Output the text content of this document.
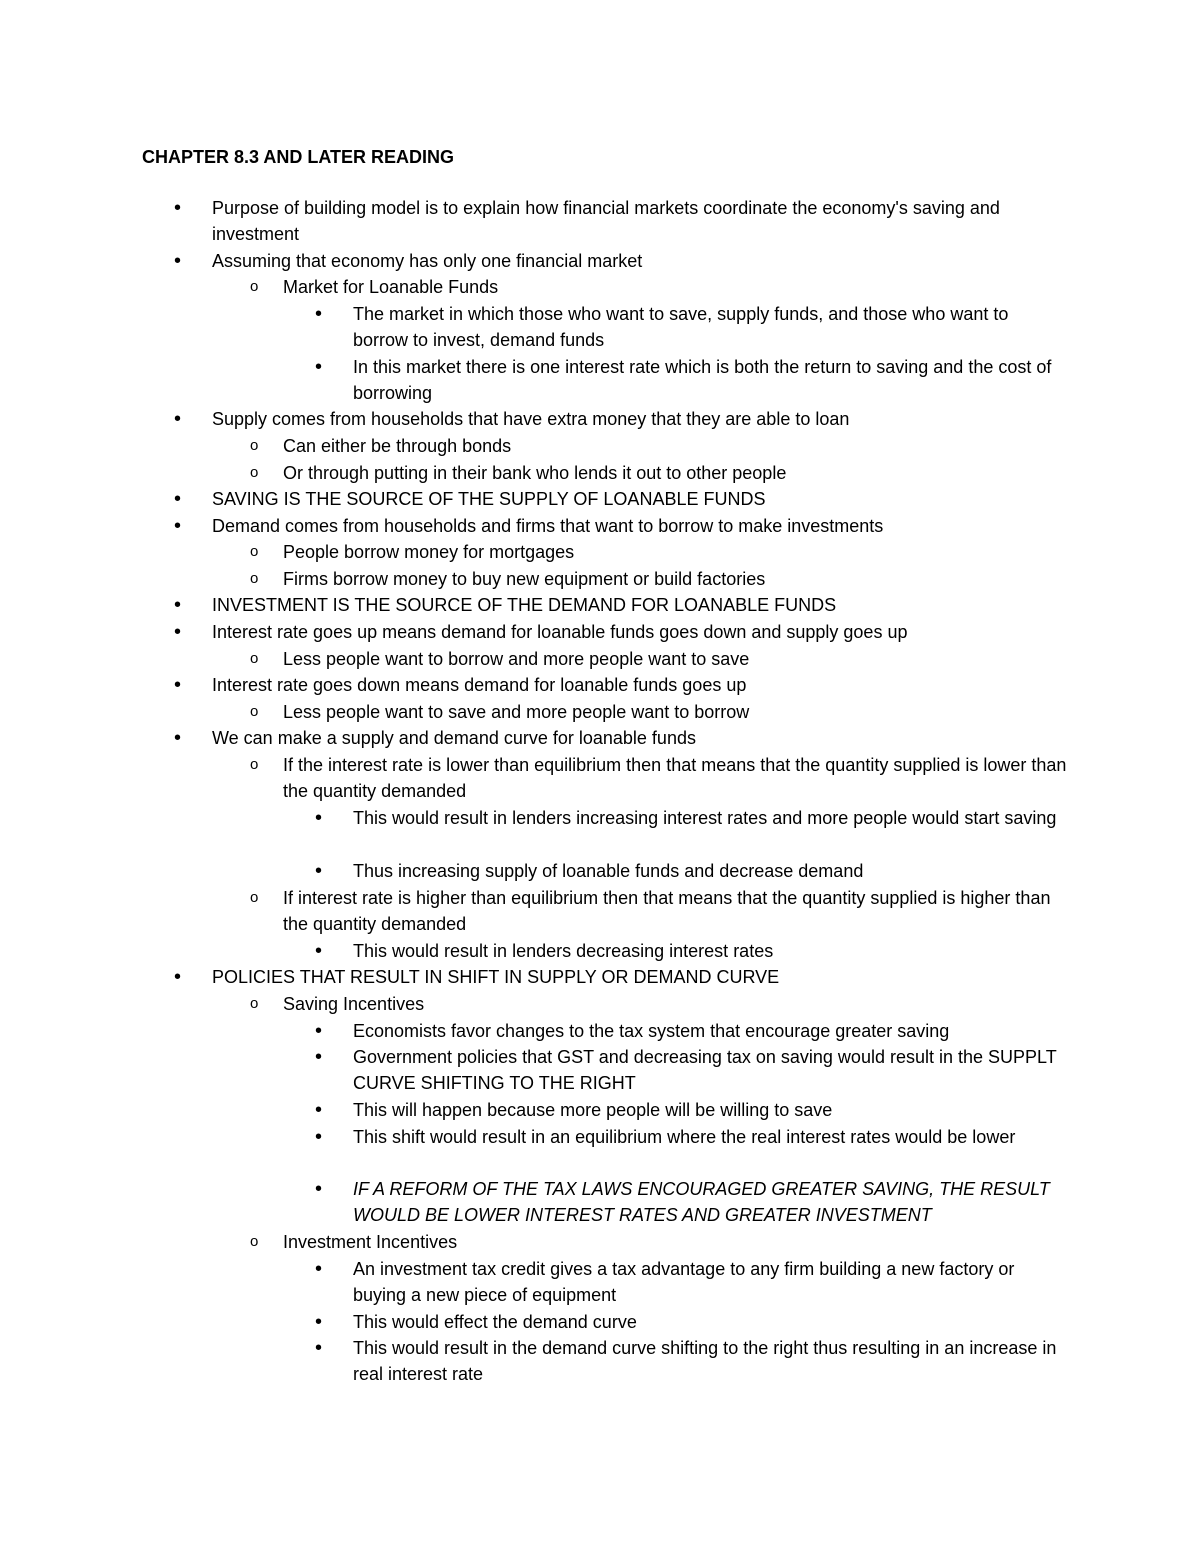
CHAPTER 8.3 AND LATER READING
• Purpose of building model is to explain how financial markets coordinate the economy's saving and investment
• Assuming that economy has only one financial market
o Market for Loanable Funds
• The market in which those who want to save, supply funds, and those who want to borrow to invest, demand funds
• In this market there is one interest rate which is both the return to saving and the cost of borrowing
• Supply comes from households that have extra money that they are able to loan
o Can either be through bonds
o Or through putting in their bank who lends it out to other people
• SAVING IS THE SOURCE OF THE SUPPLY OF LOANABLE FUNDS
• Demand comes from households and firms that want to borrow to make investments
o People borrow money for mortgages
o Firms borrow money to buy new equipment or build factories
• INVESTMENT IS THE SOURCE OF THE DEMAND FOR LOANABLE FUNDS
• Interest rate goes up means demand for loanable funds goes down and supply goes up
o Less people want to borrow and more people want to save
• Interest rate goes down means demand for loanable funds goes up
o Less people want to save and more people want to borrow
• We can make a supply and demand curve for loanable funds
o If the interest rate is lower than equilibrium then that means that the quantity supplied is lower than the quantity demanded
• This would result in lenders increasing interest rates and more people would start saving
• Thus increasing supply of loanable funds and decrease demand
o If interest rate is higher than equilibrium then that means that the quantity supplied is higher than the quantity demanded
• This would result in lenders decreasing interest rates
• POLICIES THAT RESULT IN SHIFT IN SUPPLY OR DEMAND CURVE
o Saving Incentives
• Economists favor changes to the tax system that encourage greater saving
• Government policies that GST and decreasing tax on saving would result in the SUPPLT CURVE SHIFTING TO THE RIGHT
• This will happen because more people will be willing to save
• This shift would result in an equilibrium where the real interest rates would be lower
• IF A REFORM OF THE TAX LAWS ENCOURAGED GREATER SAVING, THE RESULT WOULD BE LOWER INTEREST RATES AND GREATER INVESTMENT
o Investment Incentives
• An investment tax credit gives a tax advantage to any firm building a new factory or buying a new piece of equipment
• This would effect the demand curve
• This would result in the demand curve shifting to the right thus resulting in an increase in real interest rate
